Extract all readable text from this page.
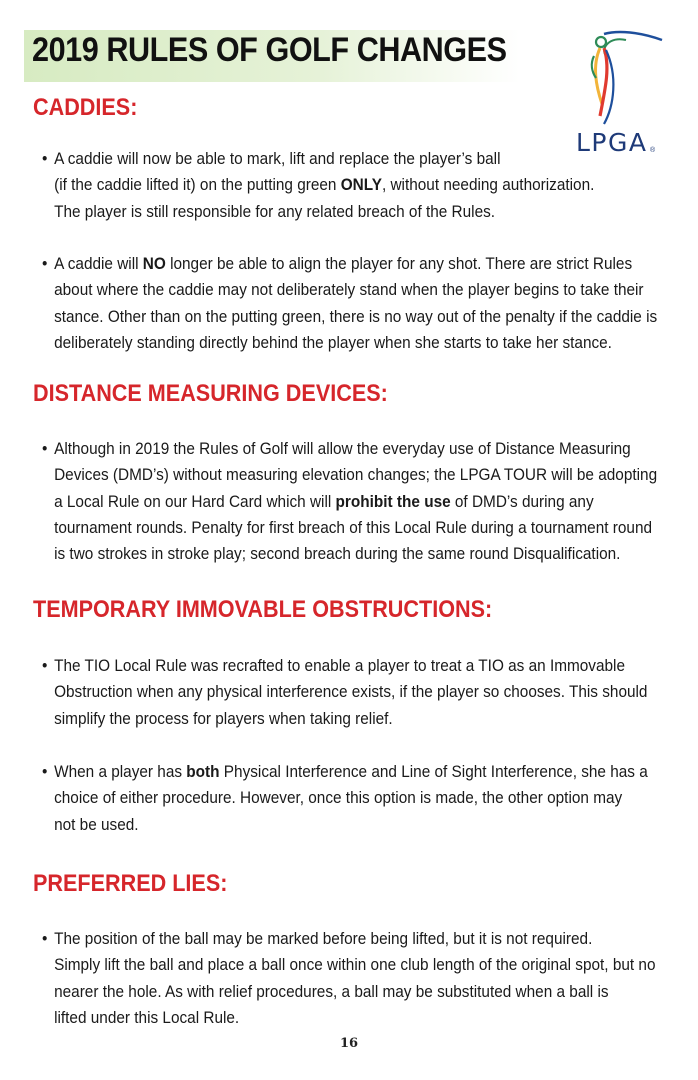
2019 RULES OF GOLF CHANGES
LPGA ®
CADDIES:
• A caddie will now be able to mark, lift and replace the player’s ball

(if the caddie lifted it) on the putting green ONLY, without needing authorization.
The player is still responsible for any related breach of the Rules.
• A caddie will NO longer be able to align the player for any shot. There are strict Rules

about where the caddie may not deliberately stand when the player begins to take their
stance. Other than on the putting green, there is no way out of the penalty if the caddie is
deliberately standing directly behind the player when she starts to take her stance.
DISTANCE MEASURING DEVICES:
• Although in 2019 the Rules of Golf will allow the everyday use of Distance Measuring

Devices (DMD’s) without measuring elevation changes; the LPGA TOUR will be adopting
a Local Rule on our Hard Card which will prohibit the use of DMD’s during any
tournament rounds. Penalty for first breach of this Local Rule during a tournament round
is two strokes in stroke play; second breach during the same round Disqualification.
TEMPORARY IMMOVABLE OBSTRUCTIONS:
• The TIO Local Rule was recrafted to enable a player to treat a TIO as an Immovable

Obstruction when any physical interference exists, if the player so chooses. This should
simplify the process for players when taking relief.
• When a player has both Physical Interference and Line of Sight Interference, she has a

choice of either procedure. However, once this option is made, the other option may
not be used.
PREFERRED LIES:
• The position of the ball may be marked before being lifted, but it is not required.

Simply lift the ball and place a ball once within one club length of the original spot, but no
nearer the hole. As with relief procedures, a ball may be substituted when a ball is
lifted under this Local Rule.
16
